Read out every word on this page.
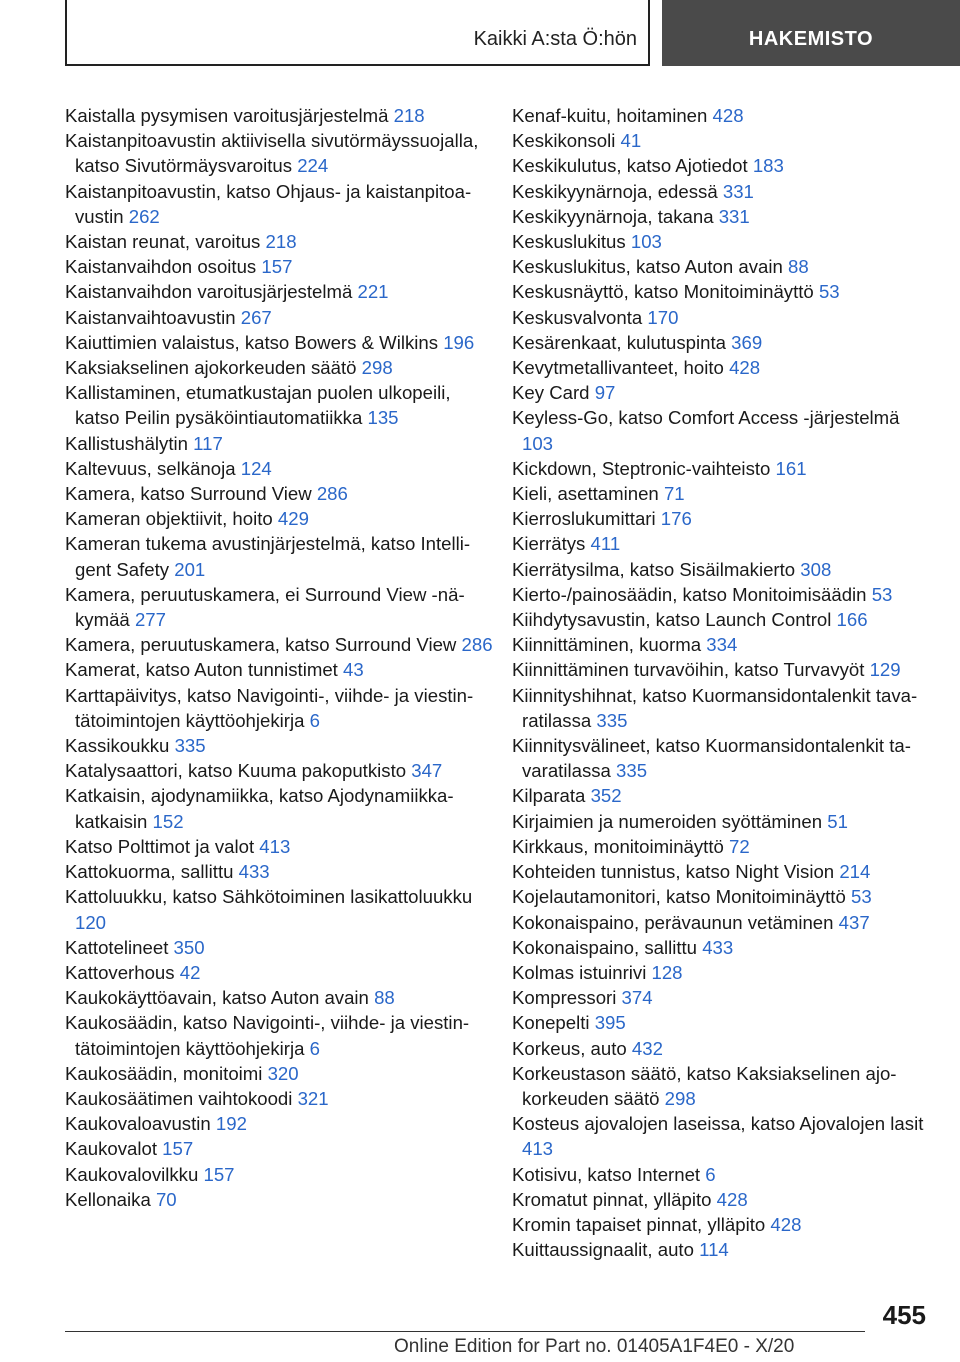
Kaikki A:sta Ö:hön	HAKEMISTO
Kaistalla pysymisen varoitusjärjestelmä 218
Kaistanpitoavustin aktiivisella sivutörmäyssuojalla, katso Sivutörmäysvaroitus 224
Kaistanpitoavustin, katso Ohjaus- ja kaistanpitoavustin 262
Kaistan reunat, varoitus 218
Kaistanvaihdon osoitus 157
Kaistanvaihdon varoitusjärjestelmä 221
Kaistanvaihtoavustin 267
Kaiuttimien valaistus, katso Bowers & Wilkins 196
Kaksiakselinen ajokorkeuden säätö 298
Kallistaminen, etumatkustajan puolen ulkopeili, katso Peilin pysäköintiautomatiikka 135
Kallistushälytin 117
Kaltevuus, selkänoja 124
Kamera, katso Surround View 286
Kameran objektiivit, hoito 429
Kameran tukema avustinjärjestelmä, katso Intelligent Safety 201
Kamera, peruutuskamera, ei Surround View -näkymää 277
Kamera, peruutuskamera, katso Surround View 286
Kamerat, katso Auton tunnistimet 43
Karttapäivitys, katso Navigointi-, viihde- ja viestintätoimintojen käyttöohjekirja 6
Kassikoukku 335
Katalysaattori, katso Kuuma pakoputkisto 347
Katkaisin, ajodynamiikka, katso Ajodynamiikkakatkaisin 152
Katso Polttimot ja valot 413
Kattokuorma, sallittu 433
Kattoluukku, katso Sähkötoiminen lasikattoluukku 120
Kattotelineet 350
Kattoverhous 42
Kaukokäyttöavain, katso Auton avain 88
Kaukosäädin, katso Navigointi-, viihde- ja viestintätoimintojen käyttöohjekirja 6
Kaukosäädin, monitoimi 320
Kaukosäätimen vaihtokoodi 321
Kaukovaloavustin 192
Kaukovalot 157
Kaukovalovilkku 157
Kellonaika 70
Kenaf-kuitu, hoitaminen 428
Keskikonsoli 41
Keskikulutus, katso Ajotiedot 183
Keskikyynärnoja, edessä 331
Keskikyynärnoja, takana 331
Keskuslukitus 103
Keskuslukitus, katso Auton avain 88
Keskusnäyttö, katso Monitoiminäyttö 53
Keskusvalvonta 170
Kesärenkaat, kulutuspinta 369
Kevytmetallivanteet, hoito 428
Key Card 97
Keyless-Go, katso Comfort Access -järjestelmä 103
Kickdown, Steptronic-vaihteisto 161
Kieli, asettaminen 71
Kierroslukumittari 176
Kierrätys 411
Kierrätysilma, katso Sisäilmakierto 308
Kierto-/painosäädin, katso Monitoimisäädin 53
Kiihdytysavustin, katso Launch Control 166
Kiinnittäminen, kuorma 334
Kiinnittäminen turvavöihin, katso Turvavyöt 129
Kiinnityshihnat, katso Kuormansidontalenkit tavaratilassa 335
Kiinnitysvälineet, katso Kuormansidontalenkit tavaratilassa 335
Kilparata 352
Kirjaimien ja numeroiden syöttäminen 51
Kirkkaus, monitoiminäyttö 72
Kohteiden tunnistus, katso Night Vision 214
Kojelautamonitori, katso Monitoiminäyttö 53
Kokonaispaino, perävaunun vetäminen 437
Kokonaispaino, sallittu 433
Kolmas istuinrivi 128
Kompressori 374
Konepelti 395
Korkeus, auto 432
Korkeustason säätö, katso Kaksiakselinen ajokorkeuden säätö 298
Kosteus ajovalojen laseissa, katso Ajovalojen lasit 413
Kotisivu, katso Internet 6
Kromatut pinnat, ylläpito 428
Kromin tapaiset pinnat, ylläpito 428
Kuittaussignaalit, auto 114
455
Online Edition for Part no. 01405A1F4E0 - X/20
